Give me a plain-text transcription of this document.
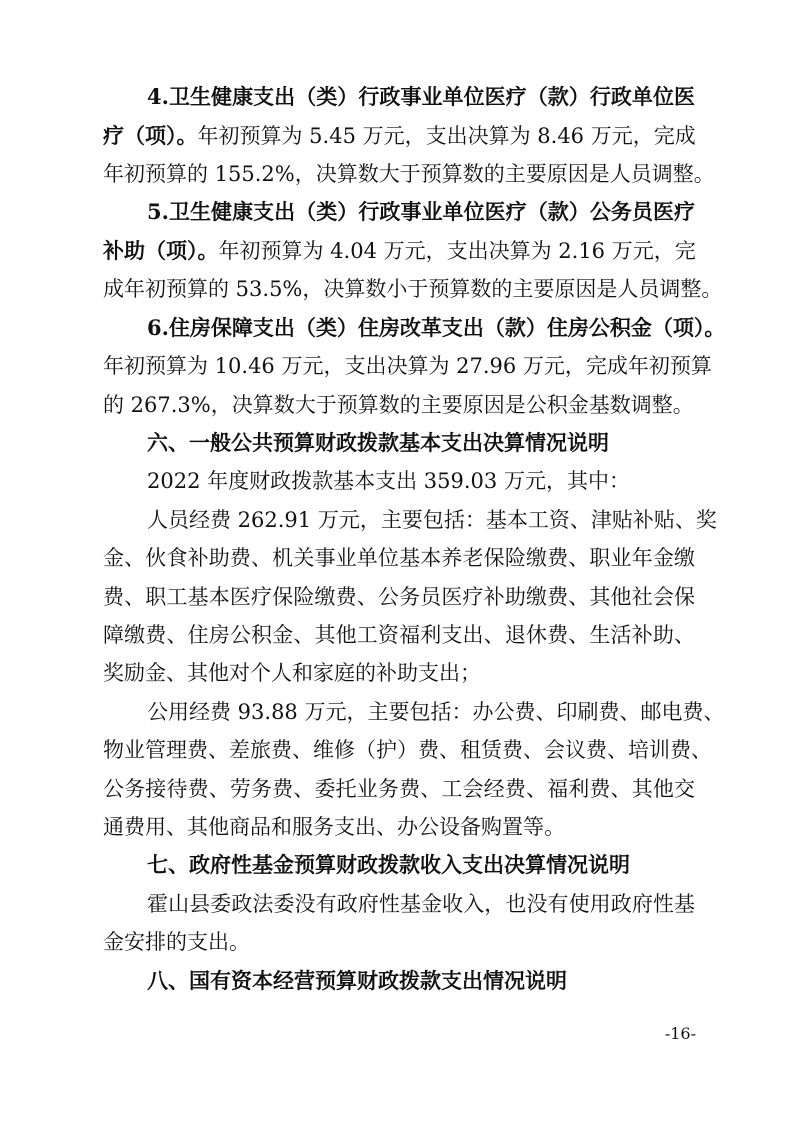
4.卫生健康支出（类）行政事业单位医疗（款）行政单位医
疗（项）。年初预算为 5.45 万元，支出决算为 8.46 万元，完成
年初预算的 155.2%，决算数大于预算数的主要原因是人员调整。
5.卫生健康支出（类）行政事业单位医疗（款）公务员医疗
补助（项）。年初预算为 4.04 万元，支出决算为 2.16 万元，完
成年初预算的 53.5%，决算数小于预算数的主要原因是人员调整。
6.住房保障支出（类）住房改革支出（款）住房公积金（项）。
年初预算为 10.46 万元，支出决算为 27.96 万元，完成年初预算
的 267.3%，决算数大于预算数的主要原因是公积金基数调整。
六、一般公共预算财政拨款基本支出决算情况说明
2022 年度财政拨款基本支出 359.03 万元，其中：
人员经费 262.91 万元，主要包括：基本工资、津贴补贴、奖
金、伙食补助费、机关事业单位基本养老保险缴费、职业年金缴
费、职工基本医疗保险缴费、公务员医疗补助缴费、其他社会保
障缴费、住房公积金、其他工资福利支出、退休费、生活补助、
奖励金、其他对个人和家庭的补助支出；
公用经费 93.88 万元，主要包括：办公费、印刷费、邮电费、
物业管理费、差旅费、维修（护）费、租赁费、会议费、培训费、
公务接待费、劳务费、委托业务费、工会经费、福利费、其他交
通费用、其他商品和服务支出、办公设备购置等。
七、政府性基金预算财政拨款收入支出决算情况说明
霍山县委政法委没有政府性基金收入，也没有使用政府性基
金安排的支出。
八、国有资本经营预算财政拨款支出情况说明
-16-
